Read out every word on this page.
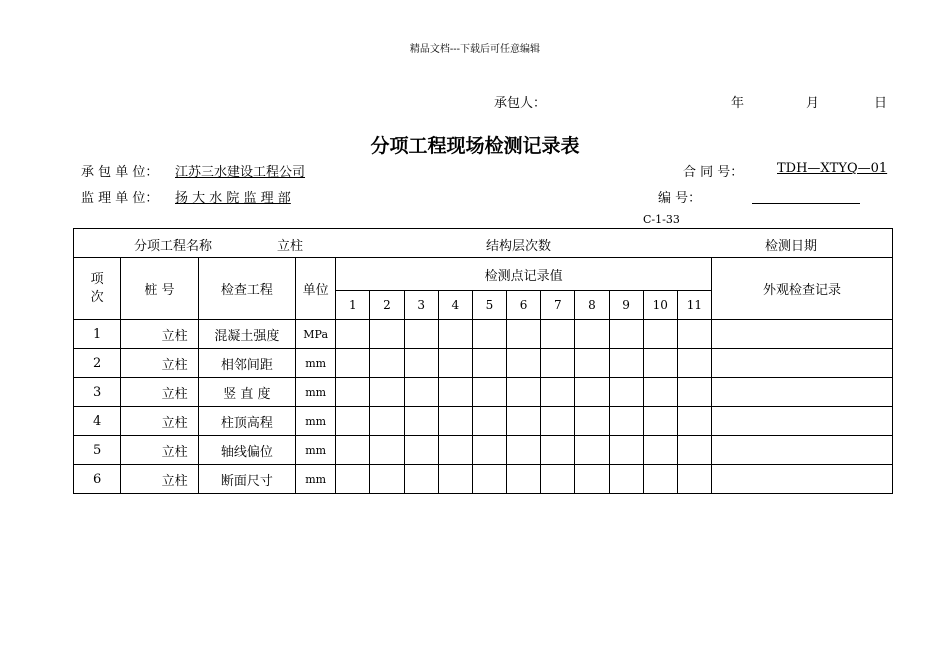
精品文档---下载后可任意编辑
承包人：	年	月	日
分项工程现场检测记录表
承 包 单 位： 江苏三水建设工程公司	合 同 号：	TDH—XTYQ—01
监 理 单 位： 扬 大 水 院 监 理 部	编 号：
C-1-33
分项工程名称 立柱 结构层次数 检测日期															

项
次	桩 号	检查工程	单位	检测点记录值											外观检查记录
				1	2	3	4	5	6	7	8	9	10	11	
1	立柱	混凝土强度	MPa												
2	立柱	相邻间距	mm												
3	立柱	竖 直 度	mm												
4	立柱	柱顶高程	mm												
5	立柱	轴线偏位	mm												
6	立柱	断面尺寸	mm												
